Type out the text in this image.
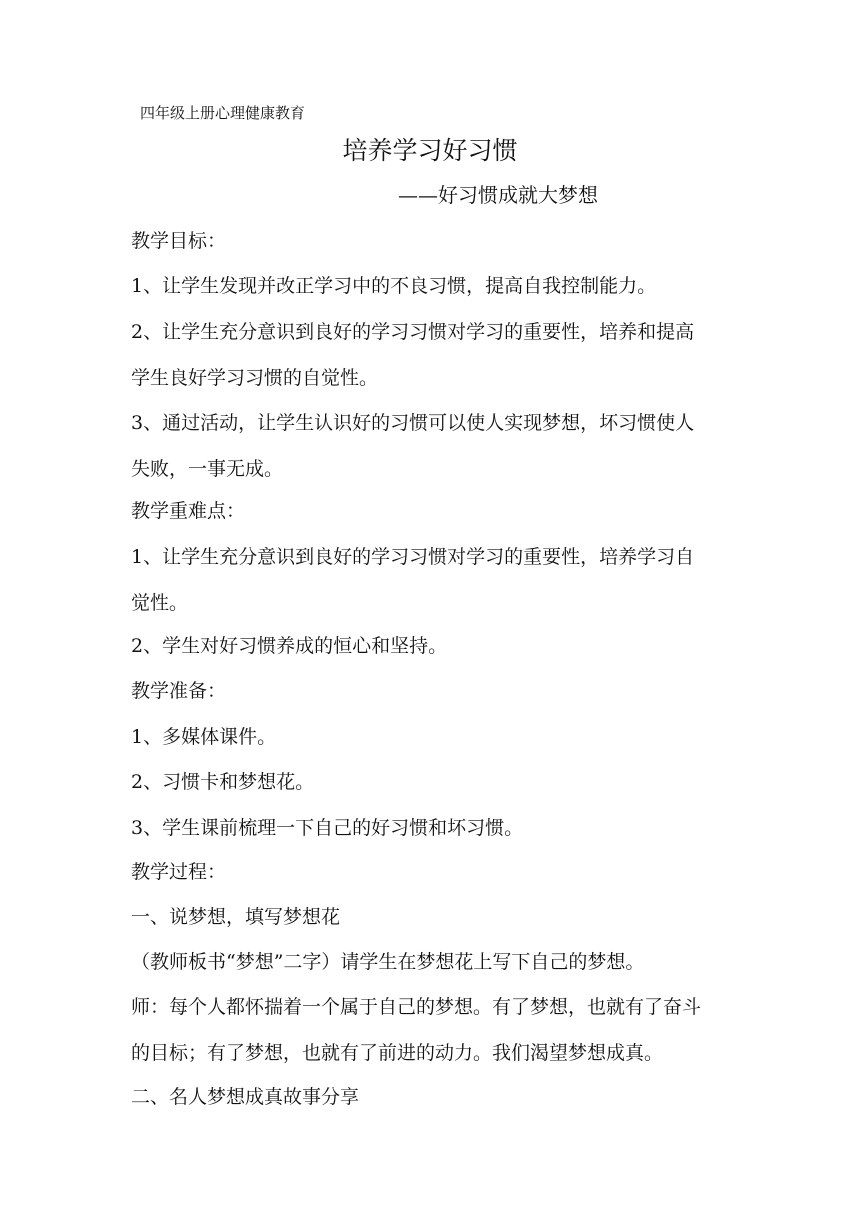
四年级上册心理健康教育
培养学习好习惯
——好习惯成就大梦想
教学目标：
1、让学生发现并改正学习中的不良习惯，提高自我控制能力。
2、让学生充分意识到良好的学习习惯对学习的重要性，培养和提高
学生良好学习习惯的自觉性。
3、通过活动，让学生认识好的习惯可以使人实现梦想，坏习惯使人
失败，一事无成。
教学重难点：
1、让学生充分意识到良好的学习习惯对学习的重要性，培养学习自
觉性。
2、学生对好习惯养成的恒心和坚持。
教学准备：
1、多媒体课件。
2、习惯卡和梦想花。
3、学生课前梳理一下自己的好习惯和坏习惯。
教学过程：
一、说梦想，填写梦想花
（教师板书“梦想”二字）请学生在梦想花上写下自己的梦想。
师：每个人都怀揣着一个属于自己的梦想。有了梦想，也就有了奋斗
的目标；有了梦想，也就有了前进的动力。我们渴望梦想成真。
二、名人梦想成真故事分享
